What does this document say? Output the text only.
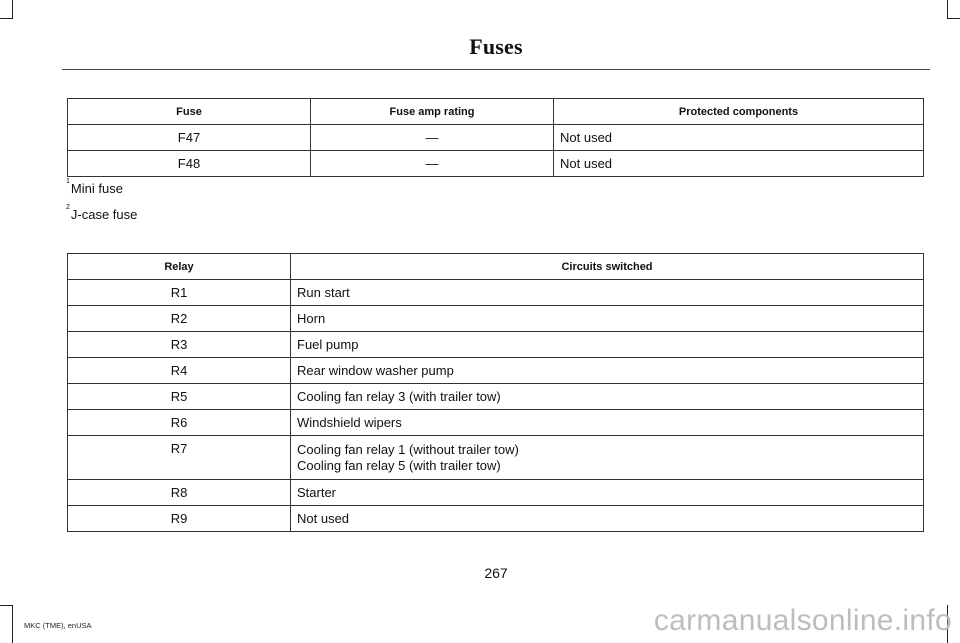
Fuses
Fuse	Fuse amp rating	Protected components
F47	—	Not used
F48	—	Not used
$^1$Mini fuse
$^2$J-case fuse
Relay	Circuits switched
R1	Run start
R2	Horn
R3	Fuel pump
R4	Rear window washer pump
R5	Cooling fan relay 3 (with trailer tow)
R6	Windshield wipers
R7	Cooling fan relay 1 (without trailer tow)
Cooling fan relay 5 (with trailer tow)

R8	Starter
R9	Not used
267
MKC (TME), enUSA	carmanualsonline.info
